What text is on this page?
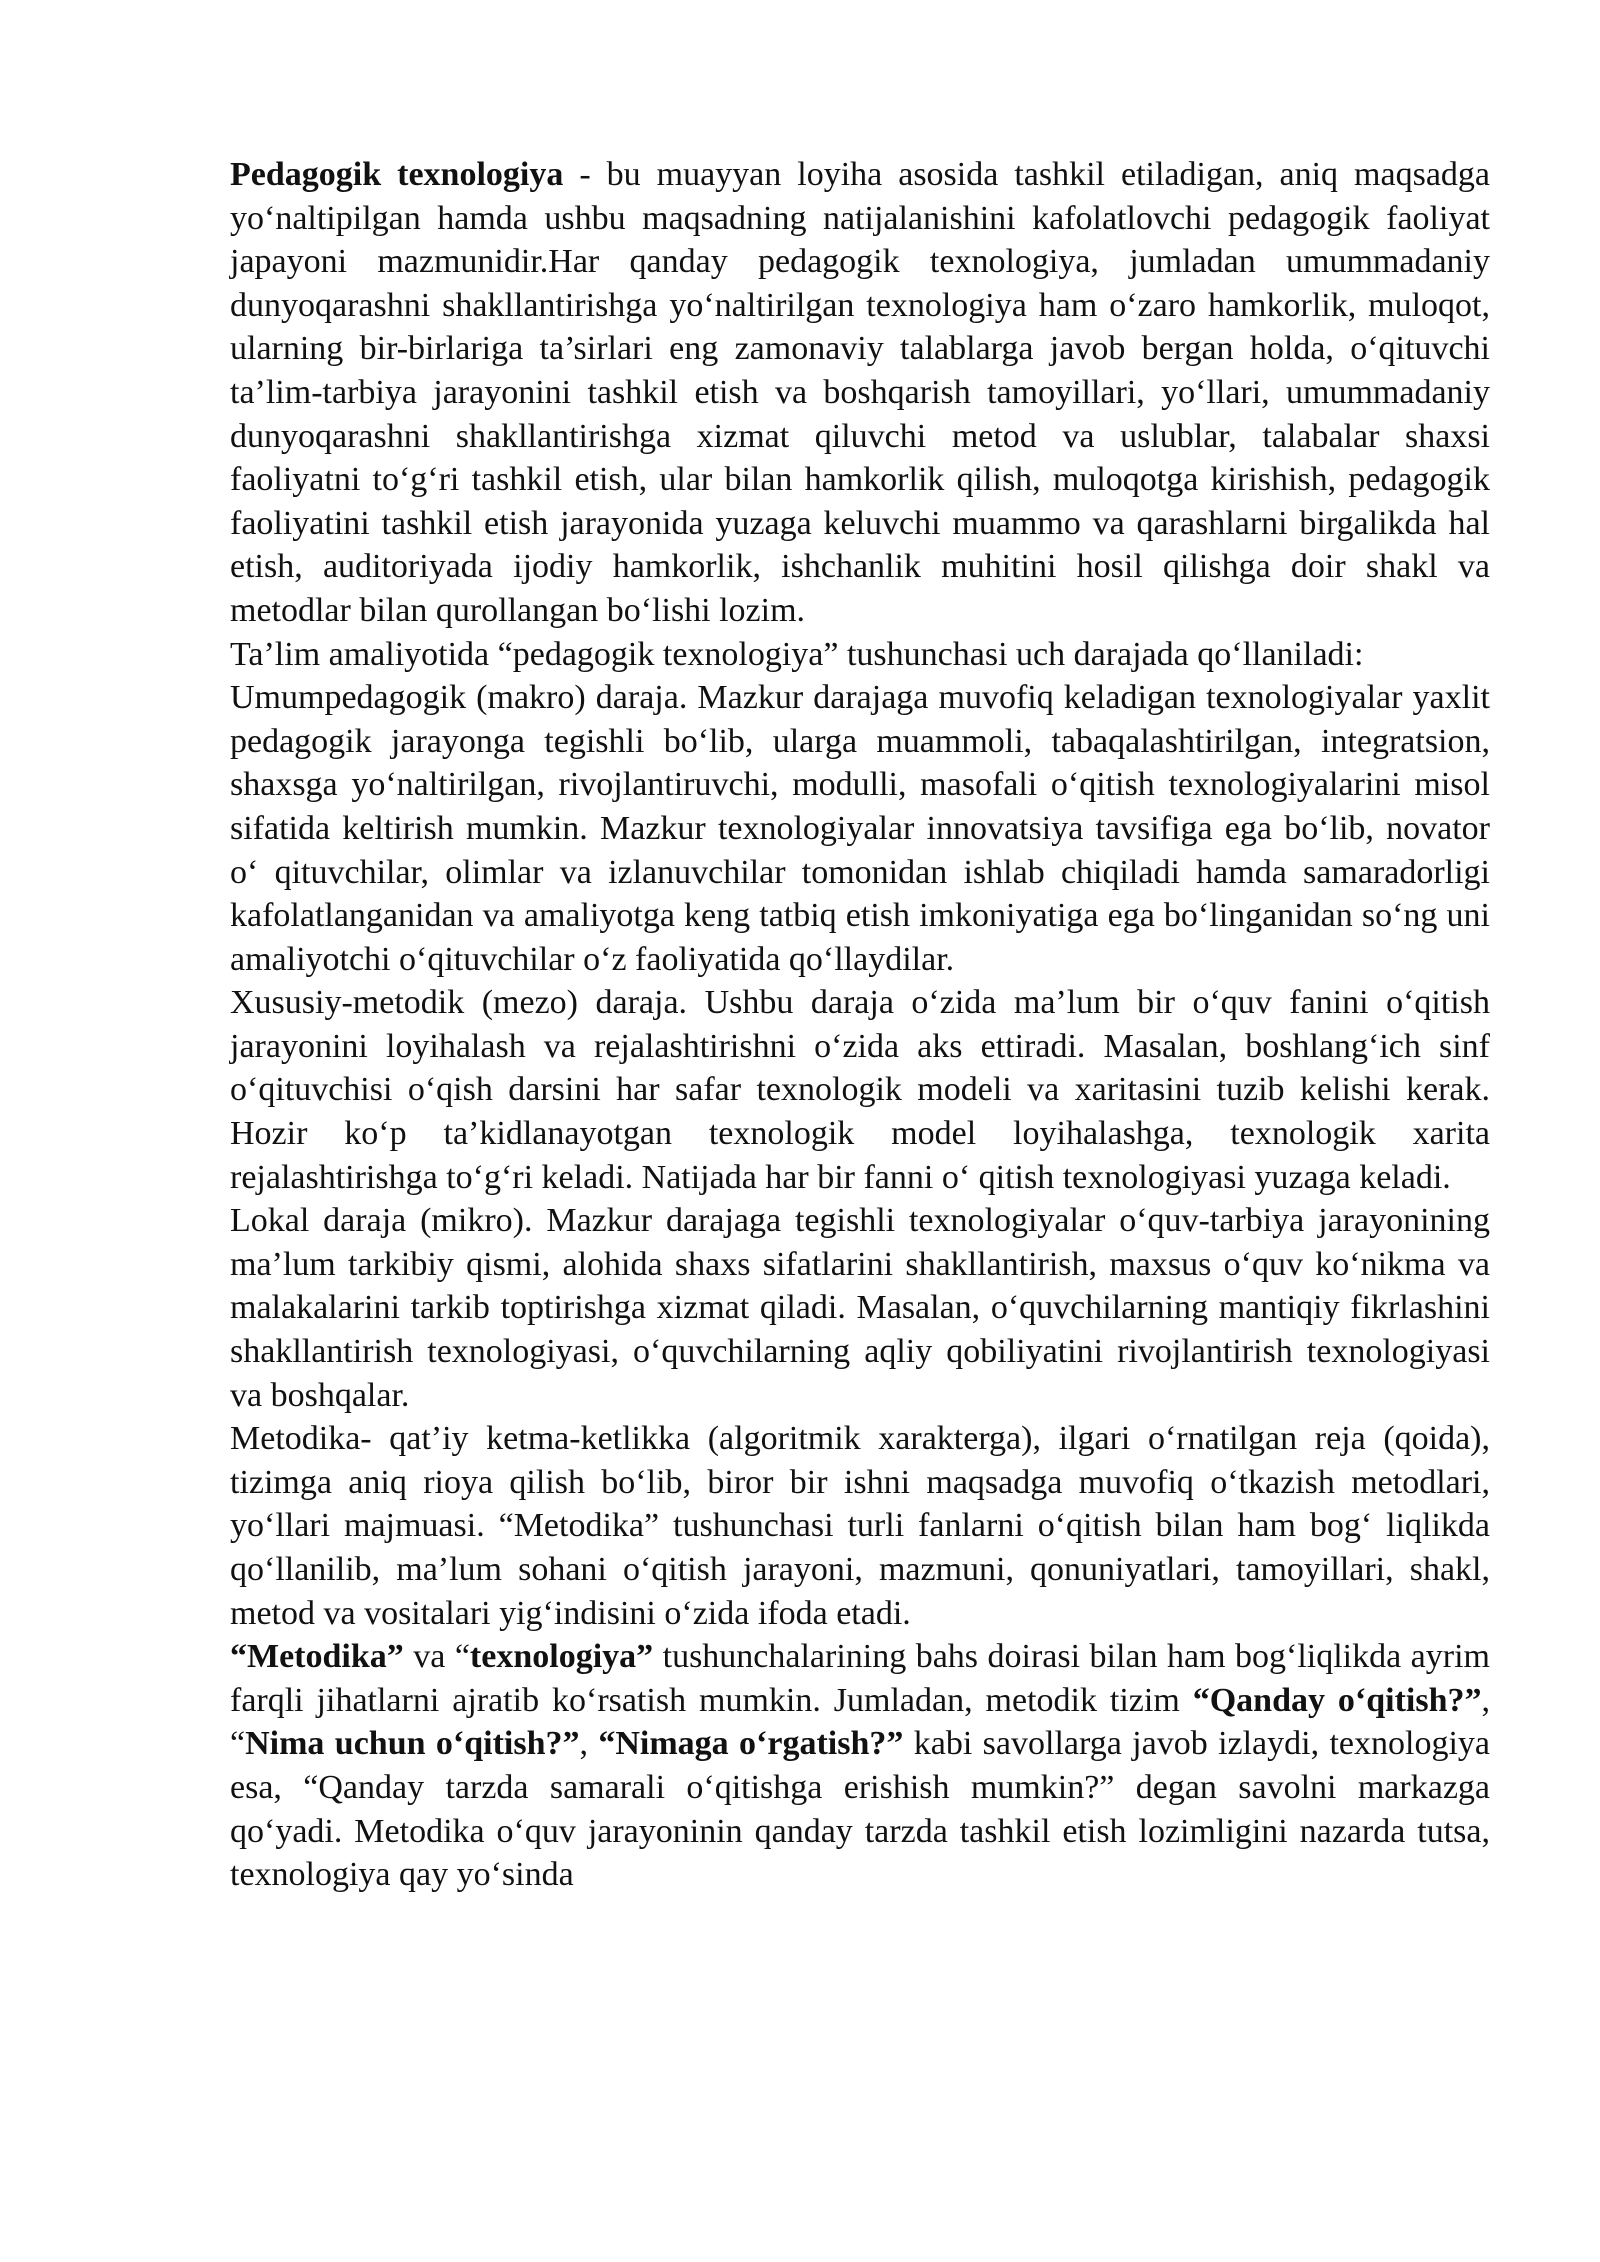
Pedagogik texnologiya - bu muayyan loyiha asosida tashkil etiladigan, aniq maqsadga yo‘naltipilgan hamda ushbu maqsadning natijalanishini kafolatlovchi pedagogik faoliyat japayoni mazmunidir.Har qanday pedagogik texnologiya, jumladan umummadaniy dunyoqarashni shakllantirishga yo‘naltirilgan texnologiya ham o‘zaro hamkorlik, muloqot, ularning bir-birlariga ta’sirlari eng zamonaviy talablarga javob bergan holda, o‘qituvchi ta’lim-tarbiya jarayonini tashkil etish va boshqarish tamoyillari, yo‘llari, umummadaniy dunyoqarashni shakllantirishga xizmat qiluvchi metod va uslublar, talabalar shaxsi faoliyatni to‘g‘ri tashkil etish, ular bilan hamkorlik qilish, muloqotga kirishish, pedagogik faoliyatini tashkil etish jarayonida yuzaga keluvchi muammo va qarashlarni birgalikda hal etish, auditoriyada ijodiy hamkorlik, ishchanlik muhitini hosil qilishga doir shakl va metodlar bilan qurollangan bo‘lishi lozim.

Ta’lim amaliyotida “pedagogik texnologiya” tushunchasi uch darajada qo‘llaniladi:

Umumpedagogik (makro) daraja. Mazkur darajaga muvofiq keladigan texnologiyalar yaxlit pedagogik jarayonga tegishli bo‘lib, ularga muammoli, tabaqalashtirilgan, integratsion, shaxsga yo‘naltirilgan, rivojlantiruvchi, modulli, masofali o‘qitish texnologiyalarini misol sifatida keltirish mumkin. Mazkur texnologiyalar innovatsiya tavsifiga ega bo‘lib, novator o‘ qituvchilar, olimlar va izlanuvchilar tomonidan ishlab chiqiladi hamda samaradorligi kafolatlanganidan va amaliyotga keng tatbiq etish imkoniyatiga ega bo‘linganidan so‘ng uni amaliyotchi o‘qituvchilar o‘z faoliyatida qo‘llaydilar.

Xususiy-metodik (mezo) daraja. Ushbu daraja o‘zida ma’lum bir o‘quv fanini o‘qitish jarayonini loyihalash va rejalashtirishni o‘zida aks ettiradi. Masalan, boshlang‘ich sinf o‘qituvchisi o‘qish darsini har safar texnologik modeli va xaritasini tuzib kelishi kerak. Hozir ko‘p ta’kidlanayotgan texnologik model loyihalashga, texnologik xarita rejalashtirishga to‘g‘ri keladi. Natijada har bir fanni o‘ qitish texnologiyasi yuzaga keladi.

Lokal daraja (mikro). Mazkur darajaga tegishli texnologiyalar o‘quv-tarbiya jarayonining ma’lum tarkibiy qismi, alohida shaxs sifatlarini shakllantirish, maxsus o‘quv ko‘nikma va malakalarini tarkib toptirishga xizmat qiladi. Masalan, o‘quvchilarning mantiqiy fikrlashini shakllantirish texnologiyasi, o‘quvchilarning aqliy qobiliyatini rivojlantirish texnologiyasi va boshqalar.

Metodika- qat’iy ketma-ketlikka (algoritmik xarakterga), ilgari o‘rnatilgan reja (qoida), tizimga aniq rioya qilish bo‘lib, biror bir ishni maqsadga muvofiq o‘tkazish metodlari, yo‘llari majmuasi. “Metodika” tushunchasi turli fanlarni o‘qitish bilan ham bog‘ liqlikda qo‘llanilib, ma’lum sohani o‘qitish jarayoni, mazmuni, qonuniyatlari, tamoyillari, shakl, metod va vositalari yig‘indisini o‘zida ifoda etadi.

“Metodika” va “texnologiya” tushunchalarining bahs doirasi bilan ham bog‘liqlikda ayrim farqli jihatlarni ajratib ko‘rsatish mumkin. Jumladan, metodik tizim “Qanday o‘qitish?”, “Nima uchun o‘qitish?”, “Nimaga o‘rgatish?” kabi savollarga javob izlaydi, texnologiya esa, “Qanday tarzda samarali o‘qitishga erishish mumkin?” degan savolni markazga qo‘yadi. Metodika o‘quv jarayoninin qanday tarzda tashkil etish lozimligini nazarda tutsa, texnologiya qay yo‘sinda
